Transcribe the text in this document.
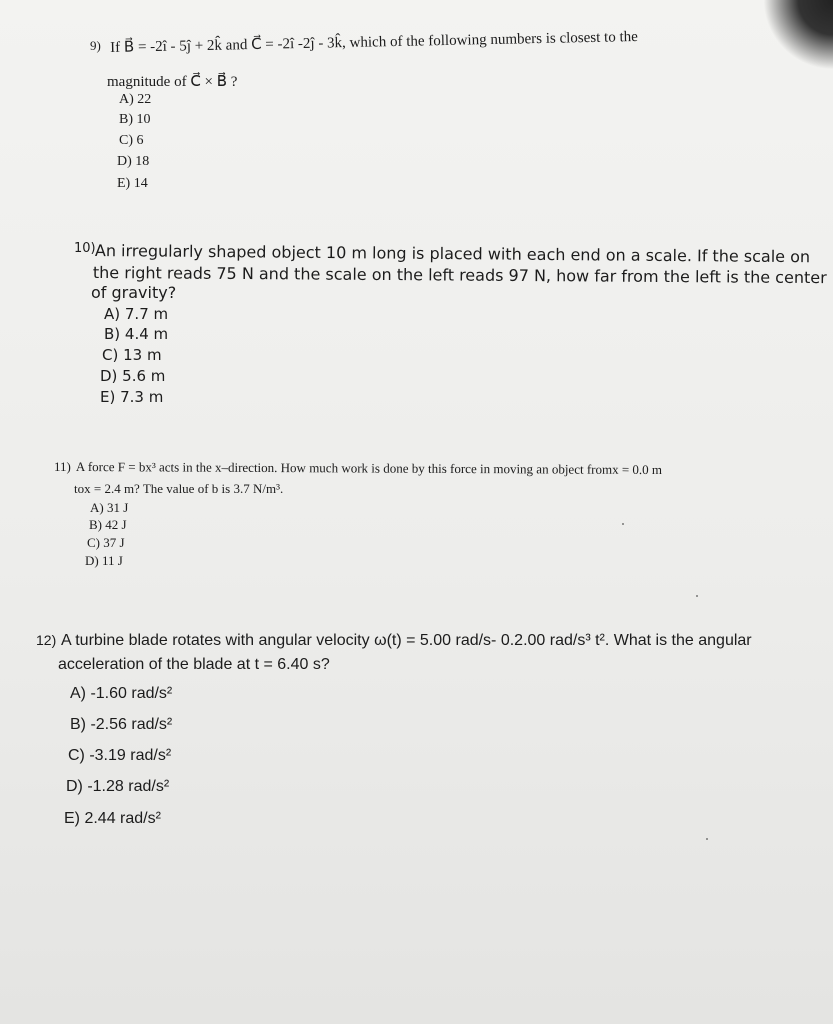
9) If B⃗ = -2î - 5ĵ + 2k̂ and C⃗ = -2î -2ĵ - 3k̂, which of the following numbers is closest to the
magnitude of C⃗ × B⃗ ?
A) 22
B) 10
C) 6
D) 18
E) 14
10) An irregularly shaped object 10 m long is placed with each end on a scale. If the scale on
the right reads 75 N and the scale on the left reads 97 N, how far from the left is the center
of gravity?
A) 7.7 m
B) 4.4 m
C) 13 m
D) 5.6 m
E) 7.3 m
11) A force F = bx³ acts in the x–direction. How much work is done by this force in moving an object fromx = 0.0 m
tox = 2.4 m? The value of b is 3.7 N/m³.
A) 31 J
B) 42 J
C) 37 J
D) 11 J
12) A turbine blade rotates with angular velocity ω(t) = 5.00 rad/s- 0.2.00 rad/s³ t². What is the angular
acceleration of the blade at t = 6.40 s?
A) -1.60 rad/s²
B) -2.56 rad/s²
C) -3.19 rad/s²
D) -1.28 rad/s²
E) 2.44 rad/s²
